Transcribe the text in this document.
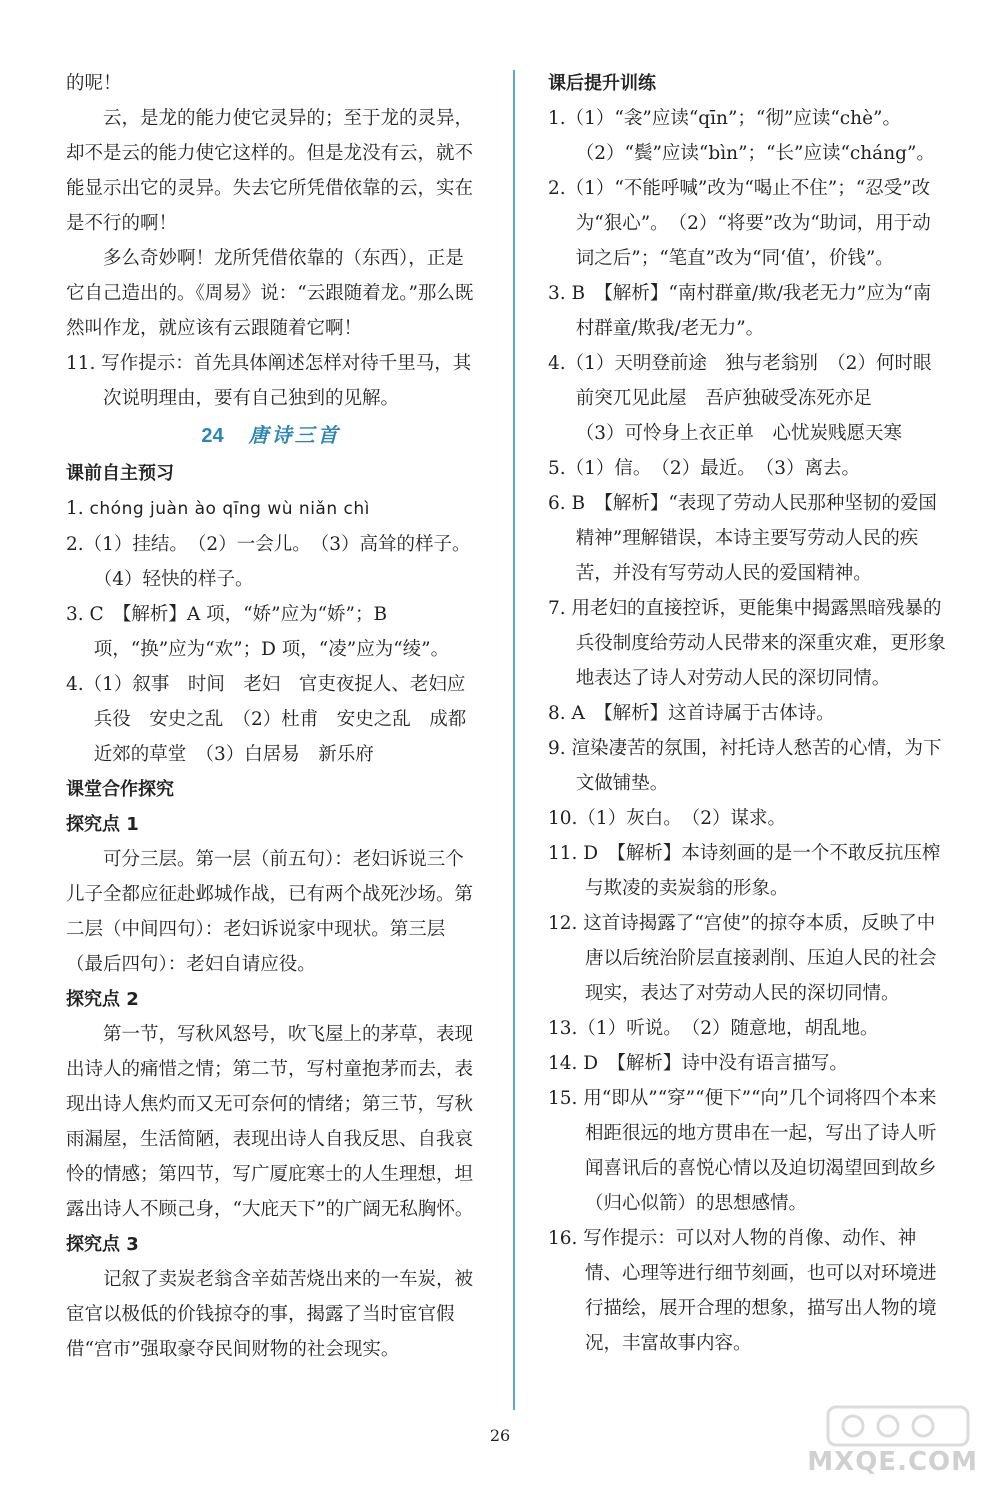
的呢！

云，是龙的能力使它灵异的；至于龙的灵异，却不是云的能力使它这样的。但是龙没有云，就不能显示出它的灵异。失去它所凭借依靠的云，实在是不行的啊！

多么奇妙啊！龙所凭借依靠的（东西），正是它自己造出的。《周易》说：“云跟随着龙。”那么既然叫作龙，就应该有云跟随着它啊！

11. 写作提示：首先具体阐述怎样对待千里马，其次说明理由，要有自己独到的见解。

24 唐诗三首

课前自主预习

1. chóng juàn ào qīng wù niǎn chì

2.（1）挂结。　（2）一会儿。　（3）高耸的样子。　（4）轻快的样子。

3. C　【解析】A 项，“娇”应为“娇”；B 项，“换”应为“欢”；D 项，“凌”应为“绫”。

4.（1）叙事　时间　老妇　官吏夜捉人、老妇应兵役　安史之乱　（2）杜甫　安史之乱　成都近郊的草堂　（3）白居易　新乐府

课堂合作探究

探究点 1

可分三层。第一层（前五句）：老妇诉说三个儿子全都应征赴邺城作战，已有两个战死沙场。第二层（中间四句）：老妇诉说家中现状。第三层（最后四句）：老妇自请应役。

探究点 2

第一节，写秋风怒号，吹飞屋上的茅草，表现出诗人的痛惜之情；第二节，写村童抱茅而去，表现出诗人焦灼而又无可奈何的情绪；第三节，写秋雨漏屋，生活简陋，表现出诗人自我反思、自我哀怜的情感；第四节，写广厦庇寒士的人生理想，坦露出诗人不顾己身，“大庇天下”的广阔无私胸怀。

探究点 3

记叙了卖炭老翁含辛茹苦烧出来的一车炭，被宦官以极低的价钱掠夺的事，揭露了当时宦官假借“宫市”强取豪夺民间财物的社会现实。

课后提升训练

1.（1）“衾”应读“qīn”；“彻”应读“chè”。

（2）“鬓”应读“bìn”；“长”应读“cháng”。

2.（1）“不能呼喊”改为“喝止不住”；“忍受”改为“狠心”。　（2）“将要”改为“助词，用于动词之后”；“笔直”改为“同‘值’，价钱”。

3. B　【解析】“南村群童/欺/我老无力”应为“南村群童/欺我/老无力”。

4.（1）天明登前途　独与老翁别　（2）何时眼前突兀见此屋　吾庐独破受冻死亦足

（3）可怜身上衣正单　心忧炭贱愿天寒

5.（1）信。　（2）最近。　（3）离去。

6. B　【解析】“表现了劳动人民那种坚韧的爱国精神”理解错误，本诗主要写劳动人民的疾苦，并没有写劳动人民的爱国精神。

7. 用老妇的直接控诉，更能集中揭露黑暗残暴的兵役制度给劳动人民带来的深重灾难，更形象地表达了诗人对劳动人民的深切同情。

8. A　【解析】这首诗属于古体诗。

9. 渲染凄苦的氛围，衬托诗人愁苦的心情，为下文做铺垫。

10.（1）灰白。　（2）谋求。

11. D　【解析】本诗刻画的是一个不敢反抗压榨与欺凌的卖炭翁的形象。

12. 这首诗揭露了“宫使”的掠夺本质，反映了中唐以后统治阶层直接剥削、压迫人民的社会现实，表达了对劳动人民的深切同情。

13.（1）听说。　（2）随意地，胡乱地。

14. D　【解析】诗中没有语言描写。

15. 用“即从”“穿”“便下”“向”几个词将四个本来相距很远的地方贯串在一起，写出了诗人听闻喜讯后的喜悦心情以及迫切渴望回到故乡（归心似箭）的思想感情。

16. 写作提示：可以对人物的肖像、动作、神情、心理等进行细节刻画，也可以对环境进行描绘，展开合理的想象，描写出人物的境况，丰富故事内容。

26
MXQE.COM
